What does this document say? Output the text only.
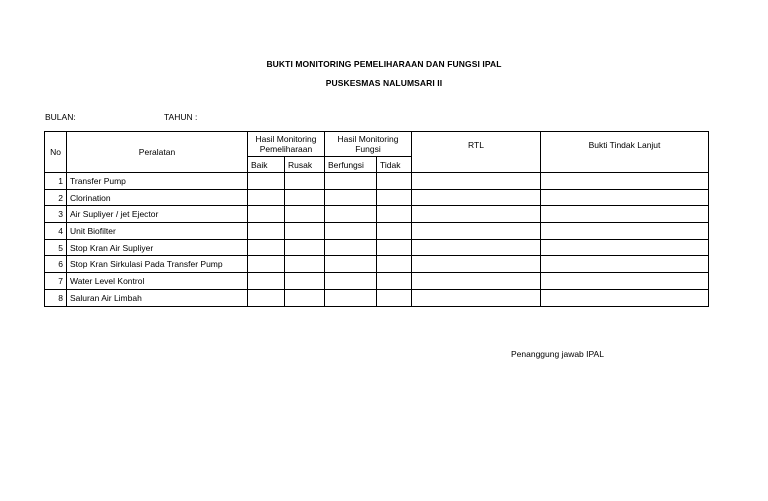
BUKTI MONITORING PEMELIHARAAN DAN FUNGSI IPAL
PUSKESMAS NALUMSARI II
BULAN:	TAHUN :
No	Peralatan	Hasil Monitoring Pemeliharaan		Hasil Monitoring Fungsi		RTL	Bukti Tindak Lanjut
		Baik	Rusak	Berfungsi	Tidak		
1	Transfer Pump						
2	Clorination						
3	Air Supliyer / jet Ejector						
4	Unit Biofilter						
5	Stop Kran Air Supliyer						
6	Stop Kran Sirkulasi Pada Transfer Pump						
7	Water Level Kontrol						
8	Saluran Air Limbah						
Penanggung jawab IPAL
